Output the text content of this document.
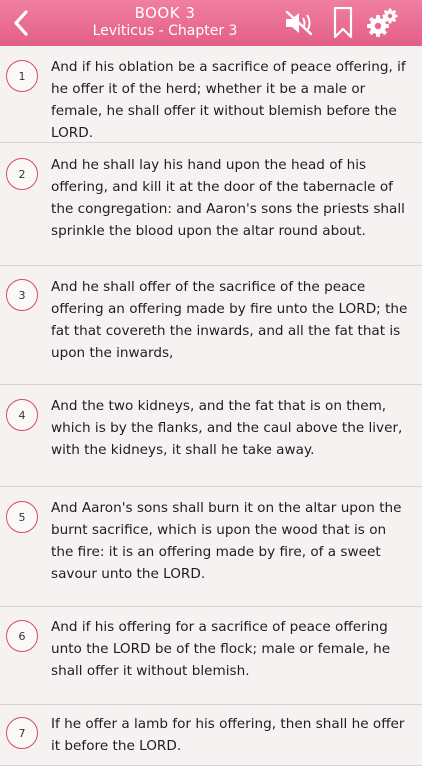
BOOK 3
Leviticus - Chapter 3
1
And if his oblation be a sacrifice of peace offering, if he offer it of the herd; whether it be a male or female, he shall offer it without blemish before the LORD.
2
And he shall lay his hand upon the head of his offering, and kill it at the door of the tabernacle of the congregation: and Aaron's sons the priests shall sprinkle the blood upon the altar round about.
3	And he shall offer of the sacrifice of the peace offering an offering made by fire unto the LORD; the fat that covereth the inwards, and all the fat that is upon the inwards,
4
And the two kidneys, and the fat that is on them, which is by the flanks, and the caul above the liver, with the kidneys, it shall he take away.
5
And Aaron's sons shall burn it on the altar upon the burnt sacrifice, which is upon the wood that is on the fire: it is an offering made by fire, of a sweet savour unto the LORD.
6
And if his offering for a sacrifice of peace offering unto the LORD be of the flock; male or female, he shall offer it without blemish.
7
If he offer a lamb for his offering, then shall he offer it before the LORD.
